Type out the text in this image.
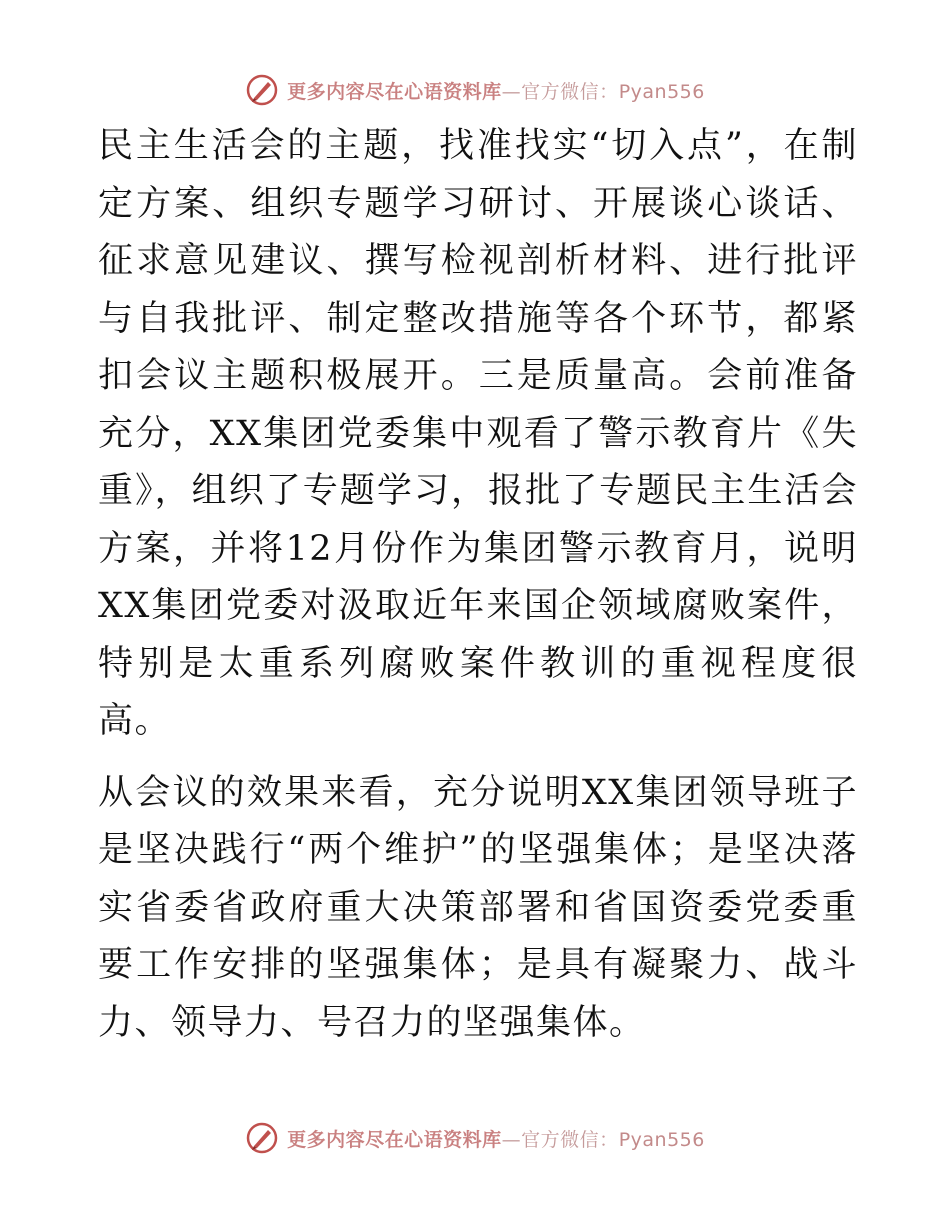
更多内容尽在心语资料库—官方微信：Pyan556

民主生活会的主题，找准找实“切入点”，在制定方案、组织专题学习研讨、开展谈心谈话、征求意见建议、撰写检视剖析材料、进行批评与自我批评、制定整改措施等各个环节，都紧扣会议主题积极展开。三是质量高。会前准备充分，XX集团党委集中观看了警示教育片《失重》，组织了专题学习，报批了专题民主生活会方案，并将12月份作为集团警示教育月，说明XX集团党委对汲取近年来国企领域腐败案件，特别是太重系列腐败案件教训的重视程度很高。

从会议的效果来看，充分说明XX集团领导班子是坚决践行“两个维护”的坚强集体；是坚决落实省委省政府重大决策部署和省国资委党委重要工作安排的坚强集体；是具有凝聚力、战斗力、领导力、号召力的坚强集体。

更多内容尽在心语资料库—官方微信：Pyan556
